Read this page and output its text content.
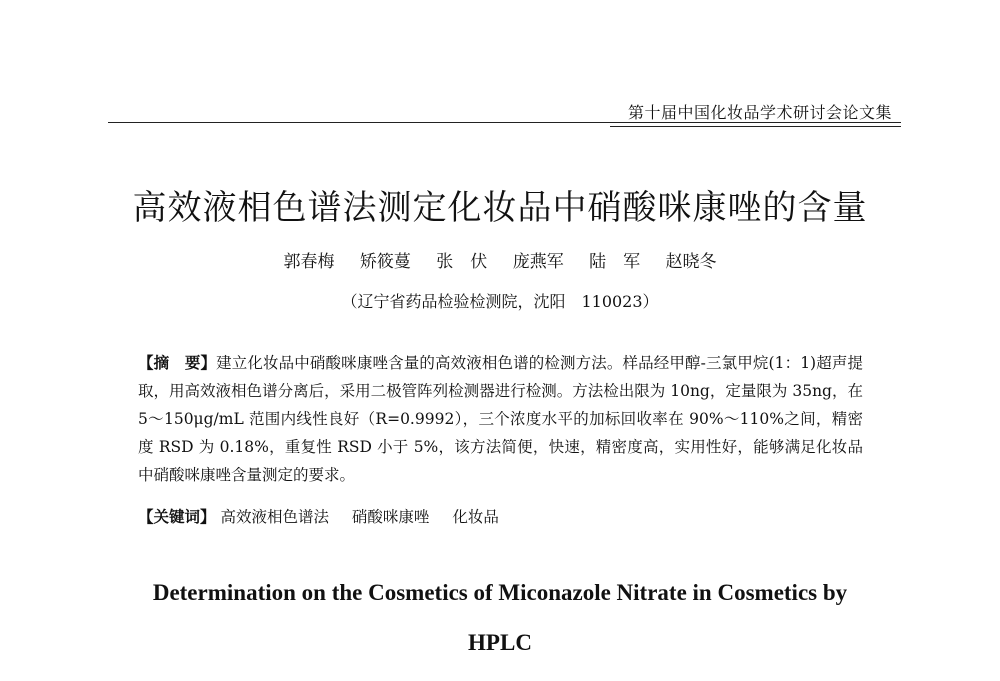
第十届中国化妆品学术研讨会论文集
高效液相色谱法测定化妆品中硝酸咪康唑的含量
郭春梅 矫筱蔓 张　伏 庞燕军 陆　军 赵晓冬
（辽宁省药品检验检测院，沈阳　110023）
【摘　要】建立化妆品中硝酸咪康唑含量的高效液相色谱的检测方法。样品经甲醇-三氯甲烷(1：1)超声提取，用高效液相色谱分离后，采用二极管阵列检测器进行检测。方法检出限为 10ng，定量限为 35ng，在 5～150μg/mL 范围内线性良好（R=0.9992），三个浓度水平的加标回收率在 90%～110%之间，精密度 RSD 为 0.18%，重复性 RSD 小于 5%，该方法简便，快速，精密度高，实用性好，能够满足化妆品中硝酸咪康唑含量测定的要求。
【关键词】 高效液相色谱法 硝酸咪康唑 化妆品
Determination on the Cosmetics of Miconazole Nitrate in Cosmetics by
HPLC
